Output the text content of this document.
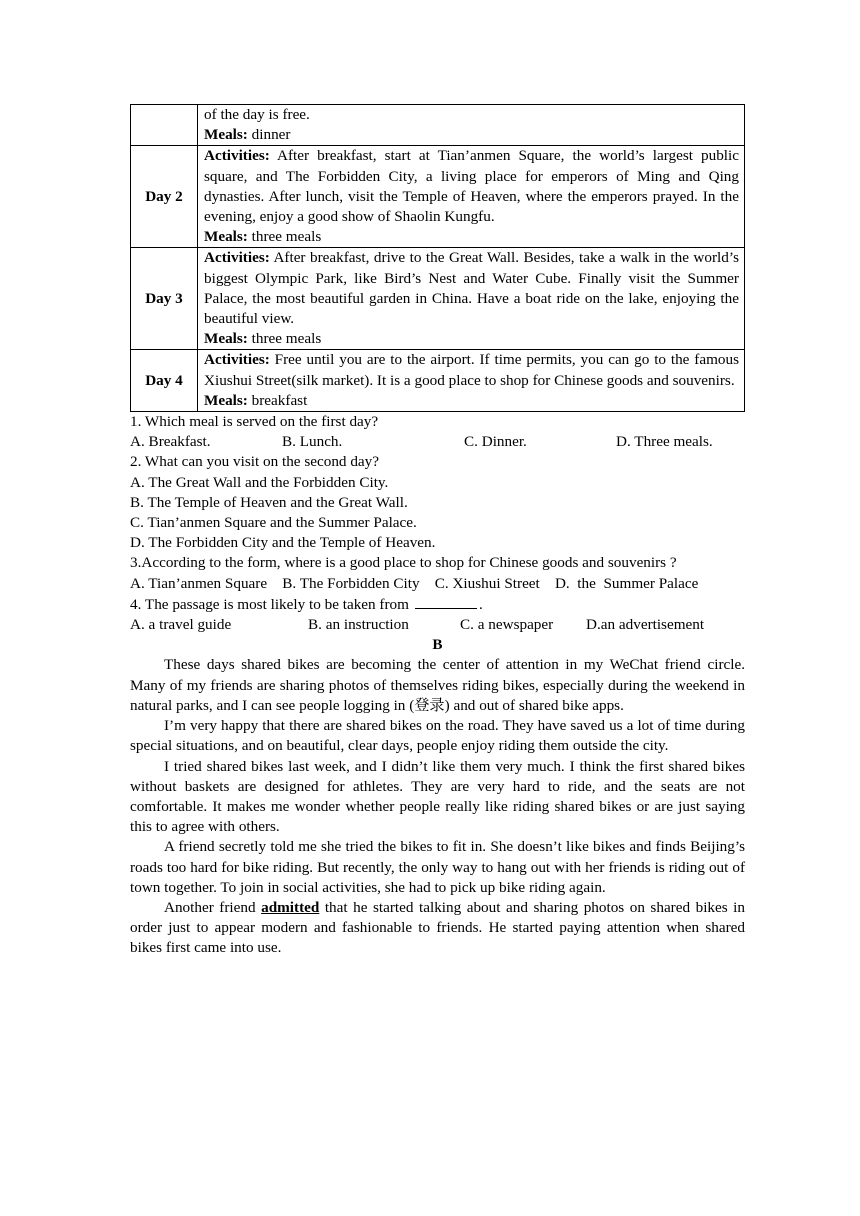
	of the day is free.
Meals: dinner

Day 2	Activities: After breakfast, start at Tian’anmen Square, the world’s largest public square, and The Forbidden City, a living place for emperors of Ming and Qing dynasties. After lunch, visit the Temple of Heaven, where the emperors prayed. In the evening, enjoy a good show of Shaolin Kungfu.
Meals: three meals

Day 3	Activities: After breakfast, drive to the Great Wall. Besides, take a walk in the world’s biggest Olympic Park, like Bird’s Nest and Water Cube. Finally visit the Summer Palace, the most beautiful garden in China. Have a boat ride on the lake, enjoying the beautiful view.
Meals: three meals

Day 4	Activities: Free until you are to the airport. If time permits, you can go to the famous Xiushui Street(silk market). It is a good place to shop for Chinese goods and souvenirs.
Meals: breakfast
1. Which meal is served on the first day?
A. Breakfast.	B. Lunch.	C. Dinner.	D. Three meals.
2. What can you visit on the second day?
A. The Great Wall and the Forbidden City.
B. The Temple of Heaven and the Great Wall.
C. Tian’anmen Square and the Summer Palace.
D. The Forbidden City and the Temple of Heaven.
3.According to the form, where is a good place to shop for Chinese goods and souvenirs ?
A. Tian’anmen Square    B. The Forbidden City    C. Xiushui Street    D.  the  Summer Palace
4. The passage is most likely to be taken from	.
A. a travel guide	B. an instruction	C. a newspaper	D.an advertisement
B

These days shared bikes are becoming the center of attention in my WeChat friend circle. Many of my friends are sharing photos of themselves riding bikes, especially during the weekend in natural parks, and I can see people logging in (登录) and out of shared bike apps.

I’m very happy that there are shared bikes on the road. They have saved us a lot of time during special situations, and on beautiful, clear days, people enjoy riding them outside the city.

I tried shared bikes last week, and I didn’t like them very much. I think the first shared bikes without baskets are designed for athletes. They are very hard to ride, and the seats are not comfortable. It makes me wonder whether people really like riding shared bikes or are just saying this to agree with others.

A friend secretly told me she tried the bikes to fit in. She doesn’t like bikes and finds Beijing’s roads too hard for bike riding. But recently, the only way to hang out with her friends is riding out of town together. To join in social activities, she had to pick up bike riding again.

Another friend admitted that he started talking about and sharing photos on shared bikes in order just to appear modern and fashionable to friends. He started paying attention when shared bikes first came into use.
